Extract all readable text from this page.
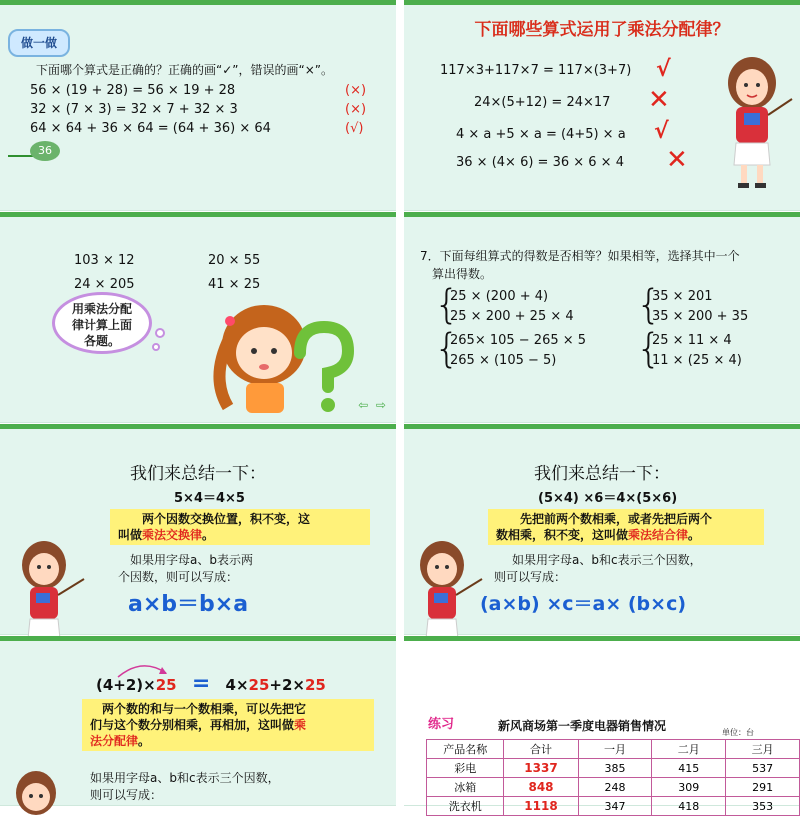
做一做
下面哪个算式是正确的？正确的画“✓”，错误的画“×”。
56 × (19 + 28) = 56 × 19 + 28	(×)
32 × (7 × 3) = 32 × 7 + 32 × 3	(×)
64 × 64 + 36 × 64 = (64 + 36) × 64	(√)
36
下面哪些算式运用了乘法分配律？
117×3+117×7 = 117×(3+7) √
24×(5+12) = 24×17 ✕
4 × a +5 × a = (4+5) × a √
36 × (4× 6) = 36 × 6 × 4 ✕
103 × 12	20 × 55
24 × 205	41 × 25
用乘法分配
律计算上面
各题。
⇦ ⇨
7．下面每组算式的得数是否相等？如果相等，选择其中一个
算出得数。
{
25 × (200 + 4)
25 × 200 + 25 × 4 {
35 × 201
35 × 200 + 35
{
265× 105 − 265 × 5
265 × (105 − 5) {
25 × 11 × 4
11 × (25 × 4)
我们来总结一下：
5×4＝4×5
两个因数交换位置，积不变，这
叫做乘法交换律。
如果用字母a、b表示两
个因数，则可以写成：
a×b＝b×a
我们来总结一下：
(5×4) ×6＝4×(5×6)
先把前两个数相乘，或者先把后两个
数相乘，积不变，这叫做乘法结合律。
如果用字母a、b和c表示三个因数，
则可以写成：
(a×b) ×c＝a× (b×c)
(4+2)×25 = 4×25+2×25
两个数的和与一个数相乘，可以先把它
们与这个数分别相乘，再相加，这叫做乘
法分配律。
如果用字母a、b和c表示三个因数，
则可以写成：
练习	新风商场第一季度电器销售情况	单位：台
产品名称	合计	一月	二月	三月
彩电	1337	385	415	537
冰箱	848	248	309	291
洗衣机	1118	347	418	353
